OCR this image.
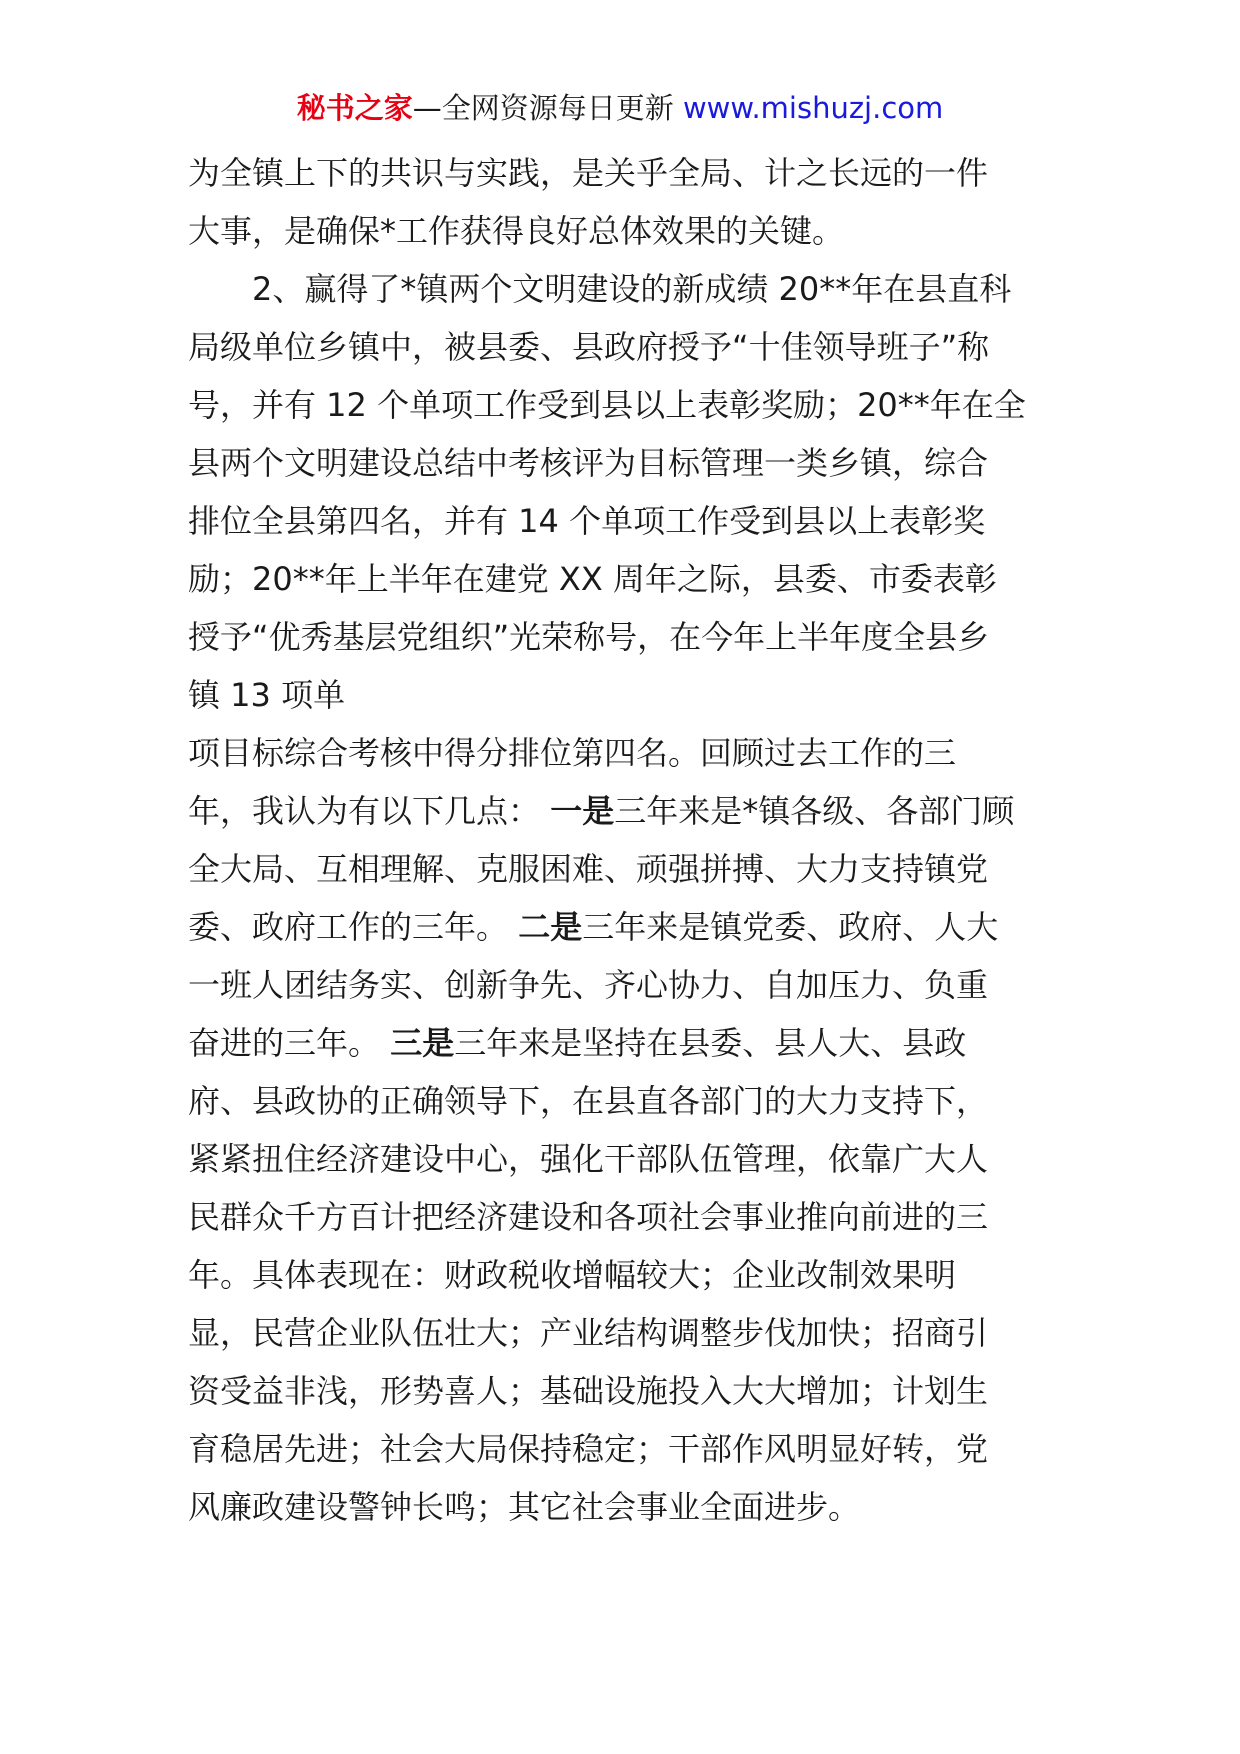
秘书之家—全网资源每日更新 www.mishuzj.com
为全镇上下的共识与实践，是关乎全局、计之长远的一件
大事，是确保*工作获得良好总体效果的关键。
2、赢得了*镇两个文明建设的新成绩 20**年在县直科
局级单位乡镇中，被县委、县政府授予“十佳领导班子”称
号，并有 12 个单项工作受到县以上表彰奖励；20**年在全
县两个文明建设总结中考核评为目标管理一类乡镇，综合
排位全县第四名，并有 14 个单项工作受到县以上表彰奖
励；20**年上半年在建党 XX 周年之际，县委、市委表彰
授予“优秀基层党组织”光荣称号，在今年上半年度全县乡
镇 13 项单
项目标综合考核中得分排位第四名。回顾过去工作的三
年，我认为有以下几点： 一是三年来是*镇各级、各部门顾
全大局、互相理解、克服困难、顽强拼搏、大力支持镇党
委、政府工作的三年。 二是三年来是镇党委、政府、人大
一班人团结务实、创新争先、齐心协力、自加压力、负重
奋进的三年。 三是三年来是坚持在县委、县人大、县政
府、县政协的正确领导下，在县直各部门的大力支持下，
紧紧扭住经济建设中心，强化干部队伍管理，依靠广大人
民群众千方百计把经济建设和各项社会事业推向前进的三
年。具体表现在：财政税收增幅较大；企业改制效果明
显，民营企业队伍壮大；产业结构调整步伐加快；招商引
资受益非浅，形势喜人；基础设施投入大大增加；计划生
育稳居先进；社会大局保持稳定；干部作风明显好转，党
风廉政建设警钟长鸣；其它社会事业全面进步。
